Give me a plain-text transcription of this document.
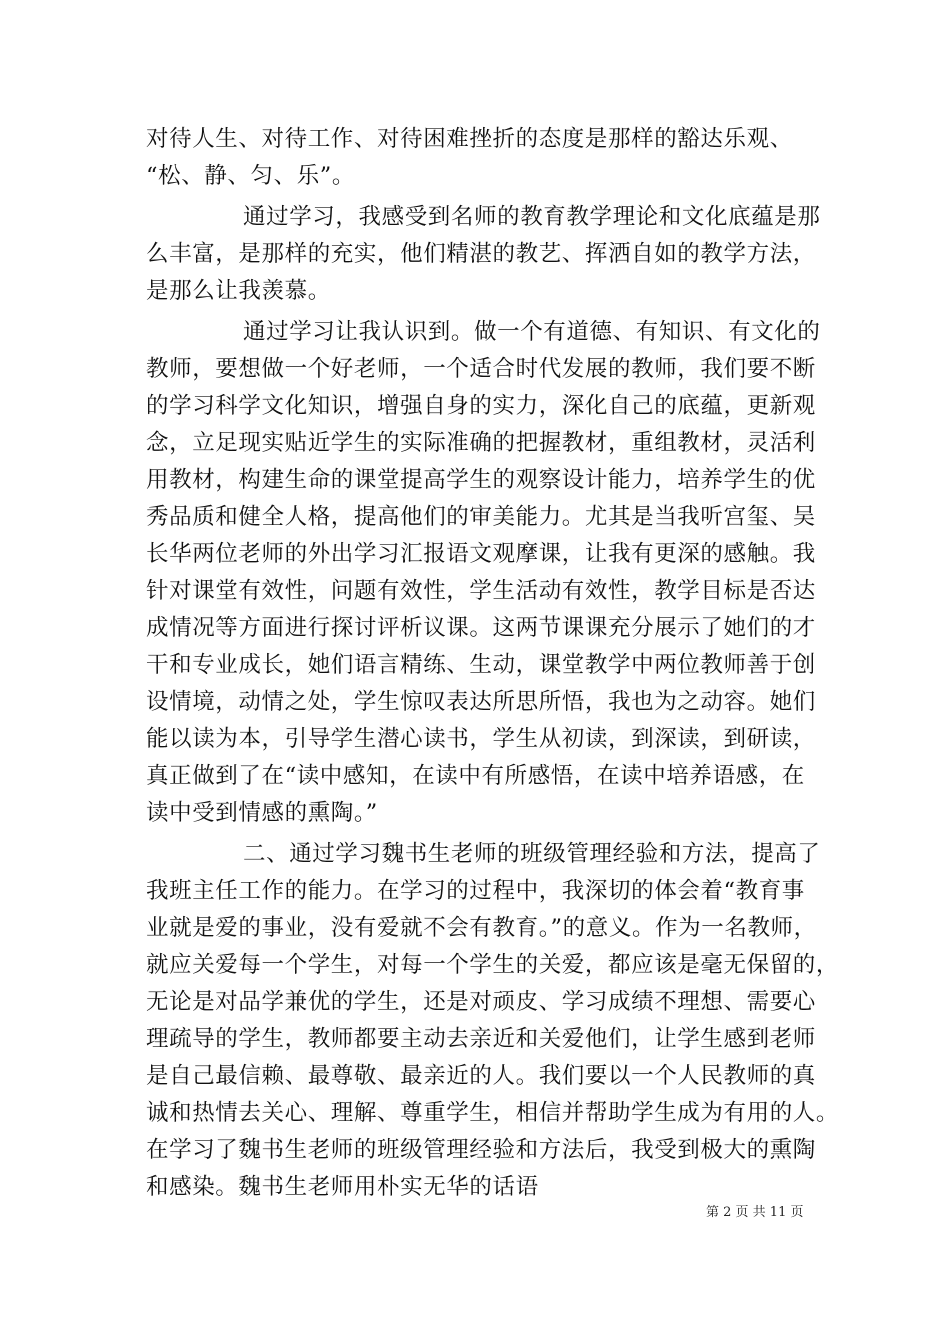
对待人生、对待工作、对待困难挫折的态度是那样的豁达乐观、
“松、静、匀、乐”。
通过学习，我感受到名师的教育教学理论和文化底蕴是那
么丰富，是那样的充实，他们精湛的教艺、挥洒自如的教学方法，
是那么让我羡慕。
通过学习让我认识到。做一个有道德、有知识、有文化的
教师，要想做一个好老师，一个适合时代发展的教师，我们要不断
的学习科学文化知识，增强自身的实力，深化自己的底蕴，更新观
念，立足现实贴近学生的实际准确的把握教材，重组教材，灵活利
用教材，构建生命的课堂提高学生的观察设计能力，培养学生的优
秀品质和健全人格，提高他们的审美能力。尤其是当我听宫玺、吴
长华两位老师的外出学习汇报语文观摩课，让我有更深的感触。我
针对课堂有效性，问题有效性，学生活动有效性，教学目标是否达
成情况等方面进行探讨评析议课。这两节课课充分展示了她们的才
干和专业成长，她们语言精练、生动，课堂教学中两位教师善于创
设情境，动情之处，学生惊叹表达所思所悟，我也为之动容。她们
能以读为本，引导学生潜心读书，学生从初读，到深读，到研读，
真正做到了在“读中感知，在读中有所感悟，在读中培养语感，在
读中受到情感的熏陶。”
二、通过学习魏书生老师的班级管理经验和方法，提高了
我班主任工作的能力。在学习的过程中，我深切的体会着“教育事
业就是爱的事业，没有爱就不会有教育。”的意义。作为一名教师，
就应关爱每一个学生，对每一个学生的关爱，都应该是毫无保留的，
无论是对品学兼优的学生，还是对顽皮、学习成绩不理想、需要心
理疏导的学生，教师都要主动去亲近和关爱他们，让学生感到老师
是自己最信赖、最尊敬、最亲近的人。我们要以一个人民教师的真
诚和热情去关心、理解、尊重学生，相信并帮助学生成为有用的人。
在学习了魏书生老师的班级管理经验和方法后，我受到极大的熏陶
和感染。魏书生老师用朴实无华的话语
第 2 页 共 11 页
